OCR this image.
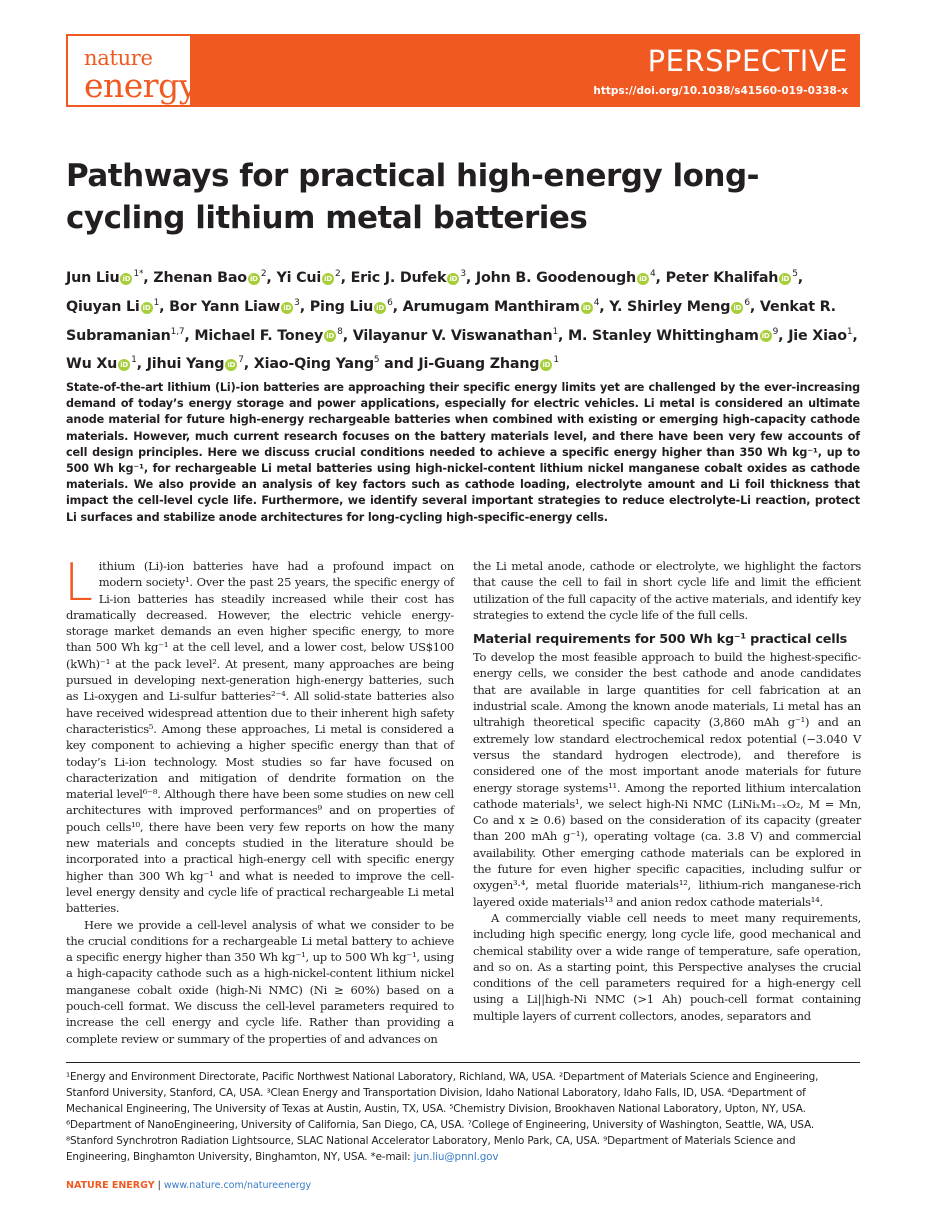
nature
energy
PERSPECTIVE
https://doi.org/10.1038/s41560-019-0338-x
Pathways for practical high-energy long-cycling lithium metal batteries
Jun Liu iD $^{1*}$, Zhenan Bao iD $^2$, Yi Cui iD $^2$, Eric J. Dufek iD $^3$, John B. Goodenough iD $^4$, Peter Khalifah iD $^5$, Qiuyan Li iD $^1$, Bor Yann Liaw iD $^3$, Ping Liu iD $^6$, Arumugam Manthiram iD $^4$, Y. Shirley Meng iD $^6$, Venkat R. Subramanian$^{1,7}$, Michael F. Toney iD $^8$, Vilayanur V. Viswanathan$^1$, M. Stanley Whittingham iD $^9$, Jie Xiao$^1$, Wu Xu iD $^1$, Jihui Yang iD $^7$, Xiao-Qing Yang$^5$ and Ji-Guang Zhang iD $^1$

State-of-the-art lithium (Li)-ion batteries are approaching their specific energy limits yet are challenged by the ever-increasing demand of today’s energy storage and power applications, especially for electric vehicles. Li metal is considered an ultimate anode material for future high-energy rechargeable batteries when combined with existing or emerging high-capacity cathode materials. However, much current research focuses on the battery materials level, and there have been very few accounts of cell design principles. Here we discuss crucial conditions needed to achieve a specific energy higher than 350 Wh kg⁻¹, up to 500 Wh kg⁻¹, for rechargeable Li metal batteries using high-nickel-content lithium nickel manganese cobalt oxides as cathode materials. We also provide an analysis of key factors such as cathode loading, electrolyte amount and Li foil thickness that impact the cell-level cycle life. Furthermore, we identify several important strategies to reduce electrolyte-Li reaction, protect Li surfaces and stabilize anode architectures for long-cycling high-specific-energy cells.

Lithium (Li)-ion batteries have had a profound impact on modern society¹. Over the past 25 years, the specific energy of Li-ion batteries has steadily increased while their cost has dramatically decreased. However, the electric vehicle energy-storage market demands an even higher specific energy, to more than 500 Wh kg⁻¹ at the cell level, and a lower cost, below US$100 (kWh)⁻¹ at the pack level². At present, many approaches are being pursued in developing next-generation high-energy batteries, such as Li-oxygen and Li-sulfur batteries²⁻⁴. All solid-state batteries also have received widespread attention due to their inherent high safety characteristics⁵. Among these approaches, Li metal is considered a key component to achieving a higher specific energy than that of today’s Li-ion technology. Most studies so far have focused on characterization and mitigation of dendrite formation on the material level⁶⁻⁸. Although there have been some studies on new cell architectures with improved performances⁹ and on properties of pouch cells¹⁰, there have been very few reports on how the many new materials and concepts studied in the literature should be incorporated into a practical high-energy cell with specific energy higher than 300 Wh kg⁻¹ and what is needed to improve the cell-level energy density and cycle life of practical rechargeable Li metal batteries.

Here we provide a cell-level analysis of what we consider to be the crucial conditions for a rechargeable Li metal battery to achieve a specific energy higher than 350 Wh kg⁻¹, up to 500 Wh kg⁻¹, using a high-capacity cathode such as a high-nickel-content lithium nickel manganese cobalt oxide (high-Ni NMC) (Ni ≥ 60%) based on a pouch-cell format. We discuss the cell-level parameters required to increase the cell energy and cycle life. Rather than providing a complete review or summary of the properties of and advances on

the Li metal anode, cathode or electrolyte, we highlight the factors that cause the cell to fail in short cycle life and limit the efficient utilization of the full capacity of the active materials, and identify key strategies to extend the cycle life of the full cells.

Material requirements for 500 Wh kg⁻¹ practical cells

To develop the most feasible approach to build the highest-specific-energy cells, we consider the best cathode and anode candidates that are available in large quantities for cell fabrication at an industrial scale. Among the known anode materials, Li metal has an ultrahigh theoretical specific capacity (3,860 mAh g⁻¹) and an extremely low standard electrochemical redox potential (−3.040 V versus the standard hydrogen electrode), and therefore is considered one of the most important anode materials for future energy storage systems¹¹. Among the reported lithium intercalation cathode materials¹, we select high-Ni NMC (LiNiₓM₁₋ₓO₂, M = Mn, Co and x ≥ 0.6) based on the consideration of its capacity (greater than 200 mAh g⁻¹), operating voltage (ca. 3.8 V) and commercial availability. Other emerging cathode materials can be explored in the future for even higher specific capacities, including sulfur or oxygen³·⁴, metal fluoride materials¹², lithium-rich manganese-rich layered oxide materials¹³ and anion redox cathode materials¹⁴.

A commercially viable cell needs to meet many requirements, including high specific energy, long cycle life, good mechanical and chemical stability over a wide range of temperature, safe operation, and so on. As a starting point, this Perspective analyses the crucial conditions of the cell parameters required for a high-energy cell using a Li||high-Ni NMC (>1 Ah) pouch-cell format containing multiple layers of current collectors, anodes, separators and

¹Energy and Environment Directorate, Pacific Northwest National Laboratory, Richland, WA, USA. ²Department of Materials Science and Engineering, Stanford University, Stanford, CA, USA. ³Clean Energy and Transportation Division, Idaho National Laboratory, Idaho Falls, ID, USA. ⁴Department of Mechanical Engineering, The University of Texas at Austin, Austin, TX, USA. ⁵Chemistry Division, Brookhaven National Laboratory, Upton, NY, USA. ⁶Department of NanoEngineering, University of California, San Diego, CA, USA. ⁷College of Engineering, University of Washington, Seattle, WA, USA. ⁸Stanford Synchrotron Radiation Lightsource, SLAC National Accelerator Laboratory, Menlo Park, CA, USA. ⁹Department of Materials Science and Engineering, Binghamton University, Binghamton, NY, USA. *e-mail: jun.liu@pnnl.gov
NATURE ENERGY | www.nature.com/natureenergy
